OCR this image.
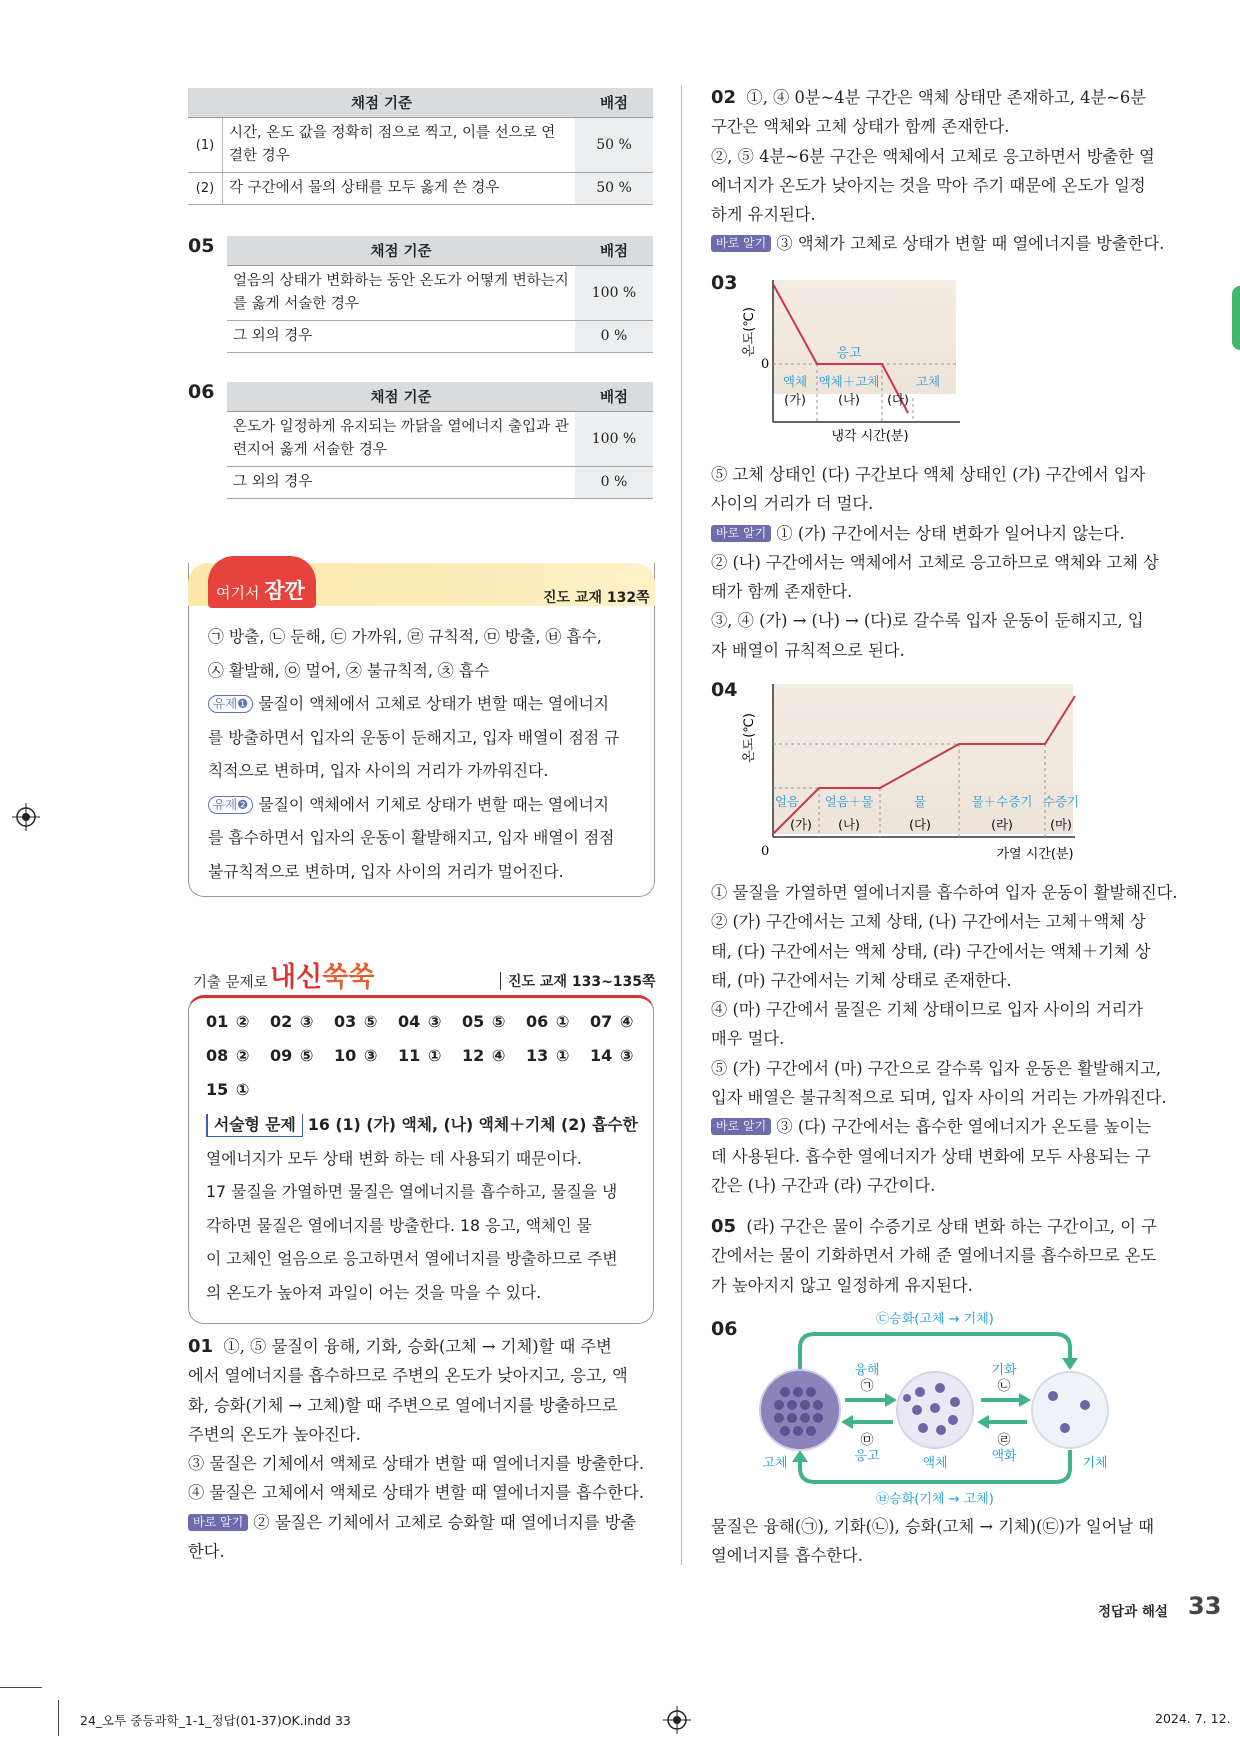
채점 기준		배점
(1)	시간, 온도 값을 정확히 점으로 찍고, 이를 선으로 연결한 경우	50 %
(2)	각 구간에서 물의 상태를 모두 옳게 쓴 경우	50 %
05	채점 기준	배점
얼음의 상태가 변화하는 동안 온도가 어떻게 변하는지를 옳게 서술한 경우	100 %
그 외의 경우	0 %
06	채점 기준	배점
온도가 일정하게 유지되는 까닭을 열에너지 출입과 관련지어 옳게 서술한 경우	100 %
그 외의 경우	0 %
여기서 잠깐	진도 교재 132쪽
㉠ 방출, ㉡ 둔해, ㉢ 가까워, ㉣ 규칙적, ㉤ 방출, ㉥ 흡수,
㉦ 활발해, ㉧ 멀어, ㉨ 불규칙적, ㉩ 흡수
유제❶ 물질이 액체에서 고체로 상태가 변할 때는 열에너지
를 방출하면서 입자의 운동이 둔해지고, 입자 배열이 점점 규
칙적으로 변하며, 입자 사이의 거리가 가까워진다.
유제❷ 물질이 액체에서 기체로 상태가 변할 때는 열에너지
를 흡수하면서 입자의 운동이 활발해지고, 입자 배열이 점점
불규칙적으로 변하며, 입자 사이의 거리가 멀어진다.
기출 문제로 내신쑥쑥	진도 교재 133~135쪽
01 ②	02 ③	03 ⑤	04 ③	05 ⑤	06 ①	07 ④
08 ②	09 ⑤	10 ③	11 ①	12 ④	13 ①	14 ③
15 ①
서술형 문제 16 (1) (가) 액체, (나) 액체＋기체 (2) 흡수한
열에너지가 모두 상태 변화 하는 데 사용되기 때문이다.
17 물질을 가열하면 물질은 열에너지를 흡수하고, 물질을 냉
각하면 물질은 열에너지를 방출한다. 18 응고, 액체인 물
이 고체인 얼음으로 응고하면서 열에너지를 방출하므로 주변
의 온도가 높아져 과일이 어는 것을 막을 수 있다.
01 ①, ⑤ 물질이 융해, 기화, 승화(고체 → 기체)할 때 주변
에서 열에너지를 흡수하므로 주변의 온도가 낮아지고, 응고, 액
화, 승화(기체 → 고체)할 때 주변으로 열에너지를 방출하므로
주변의 온도가 높아진다.
③ 물질은 기체에서 액체로 상태가 변할 때 열에너지를 방출한다.
④ 물질은 고체에서 액체로 상태가 변할 때 열에너지를 흡수한다.
바로 알기 ② 물질은 기체에서 고체로 승화할 때 열에너지를 방출
한다.
02 ①, ④ 0분~4분 구간은 액체 상태만 존재하고, 4분~6분
구간은 액체와 고체 상태가 함께 존재한다.
②, ⑤ 4분~6분 구간은 액체에서 고체로 응고하면서 방출한 열
에너지가 온도가 낮아지는 것을 막아 주기 때문에 온도가 일정
하게 유지된다.
바로 알기 ③ 액체가 고체로 상태가 변할 때 열에너지를 방출한다.
03
온도(℃)
0
응고
액체
(가)
액체＋고체
(나) (다)
고체
냉각 시간(분)
⑤ 고체 상태인 (다) 구간보다 액체 상태인 (가) 구간에서 입자
사이의 거리가 더 멀다.
바로 알기 ① (가) 구간에서는 상태 변화가 일어나지 않는다.
② (나) 구간에서는 액체에서 고체로 응고하므로 액체와 고체 상
태가 함께 존재한다.
③, ④ (가) → (나) → (다)로 갈수록 입자 운동이 둔해지고, 입
자 배열이 규칙적으로 된다.
04
온도(℃)
0
얼음
(가)
얼음＋물
(나)
물
(다)
물＋수증기
(라)
수증기
(마)
가열 시간(분)
① 물질을 가열하면 열에너지를 흡수하여 입자 운동이 활발해진다.
② (가) 구간에서는 고체 상태, (나) 구간에서는 고체＋액체 상
태, (다) 구간에서는 액체 상태, (라) 구간에서는 액체＋기체 상
태, (마) 구간에서는 기체 상태로 존재한다.
④ (마) 구간에서 물질은 기체 상태이므로 입자 사이의 거리가
매우 멀다.
⑤ (가) 구간에서 (마) 구간으로 갈수록 입자 운동은 활발해지고,
입자 배열은 불규칙적으로 되며, 입자 사이의 거리는 가까워진다.
바로 알기 ③ (다) 구간에서는 흡수한 열에너지가 온도를 높이는
데 사용된다. 흡수한 열에너지가 상태 변화에 모두 사용되는 구
간은 (나) 구간과 (라) 구간이다.
05 (라) 구간은 물이 수증기로 상태 변화 하는 구간이고, 이 구
간에서는 물이 기화하면서 가해 준 열에너지를 흡수하므로 온도
가 높아지지 않고 일정하게 유지된다.
06	㉢승화(고체 → 기체)
㉥승화(기체 → 고체)
융해
㉠
㉤
응고
기화
㉡
㉣
액화
고체	액체	기체
물질은 융해(㉠), 기화(㉡), 승화(고체 → 기체)(㉢)가 일어날 때
열에너지를 흡수한다.
정답과 해설 33
24_오투 중등과학_1-1_정답(01-37)OK.indd 33	2024. 7. 12.
